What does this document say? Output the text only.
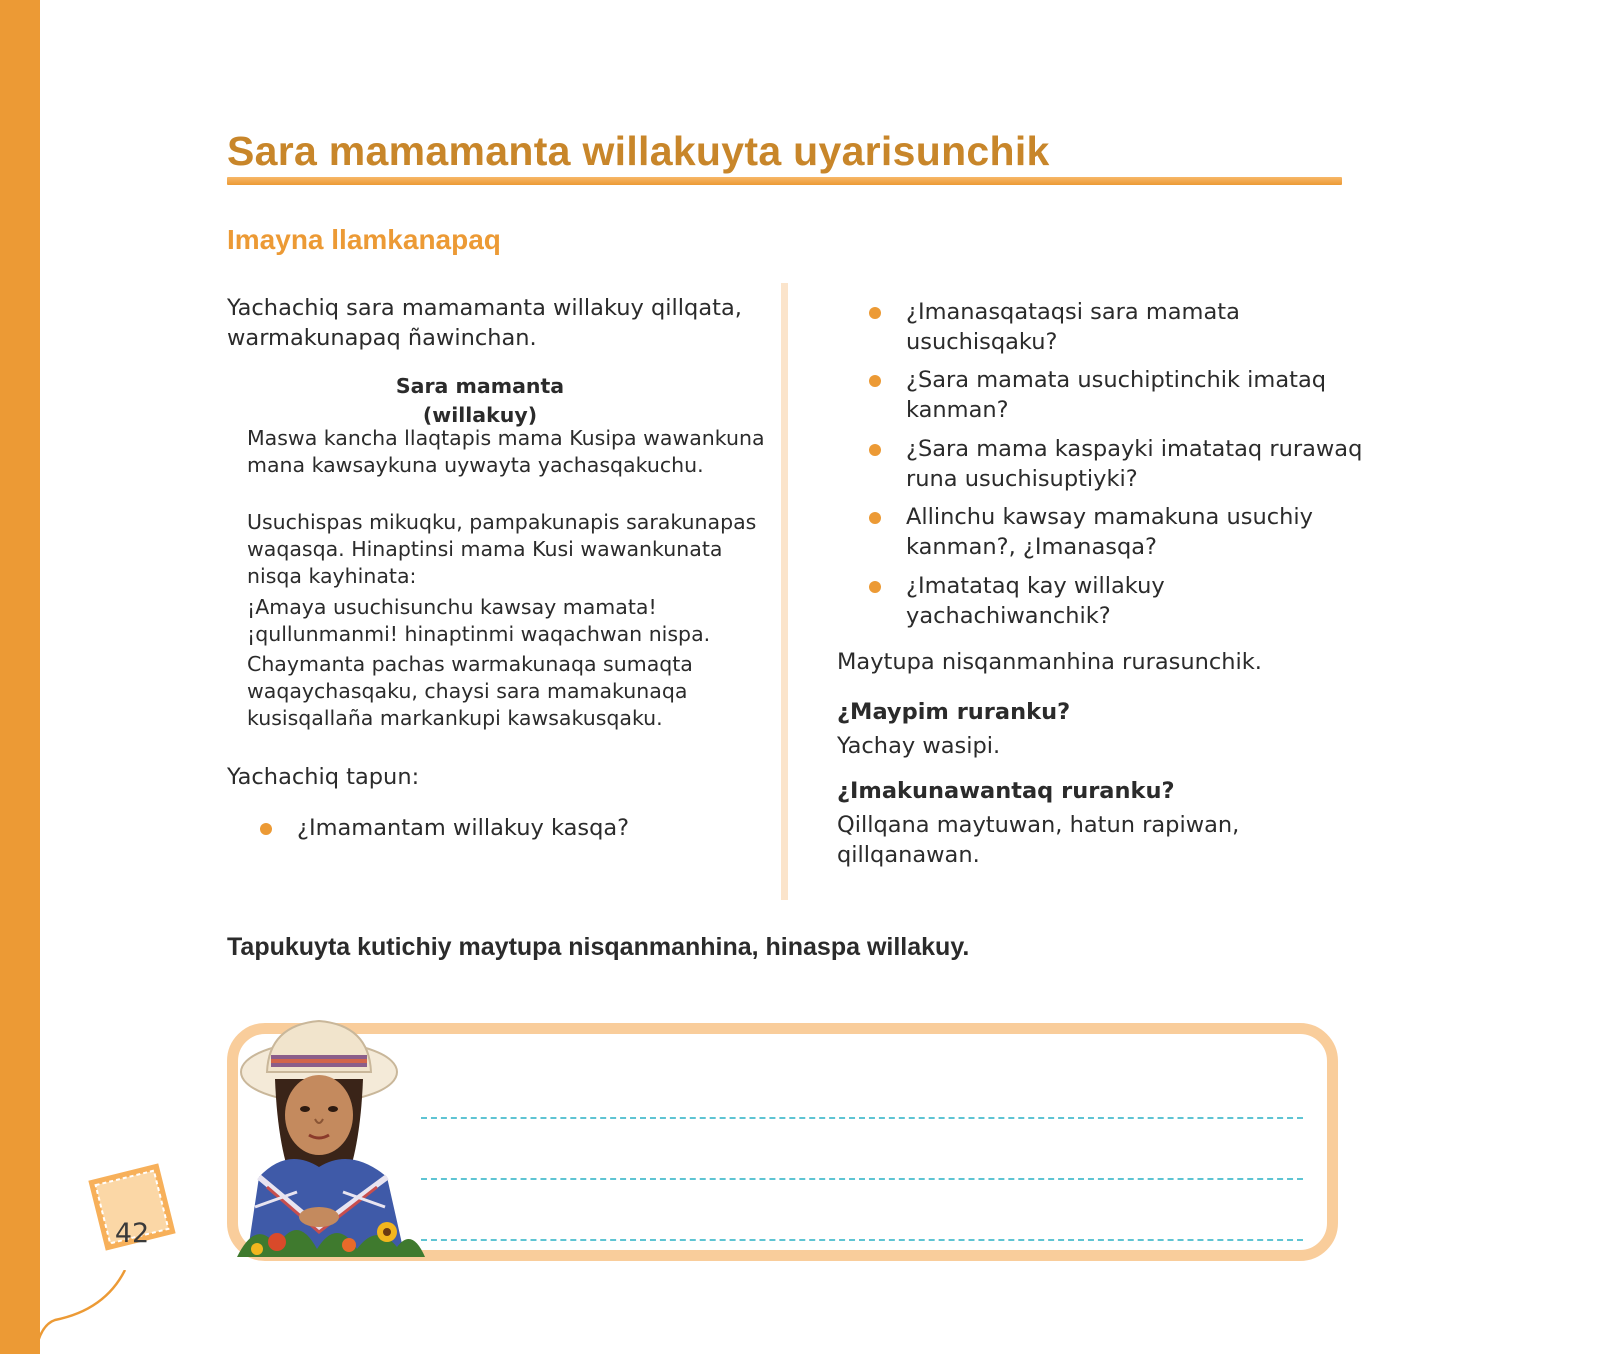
Sara mamamanta willakuyta uyarisunchik
Imayna llamkanapaq

Yachachiq sara mamamanta willakuy qillqata, warmakunapaq ñawinchan.

Sara mamanta
(willakuy)

Maswa kancha llaqtapis mama Kusipa wawankuna mana kawsaykuna uywayta yachasqakuchu.

Usuchispas mikuqku, pampakunapis sarakunapas waqasqa. Hinaptinsi mama Kusi wawankunata nisqa kayhinata:

¡Amaya usuchisunchu kawsay mamata! ¡qullunmanmi! hinaptinmi waqachwan nispa.

Chaymanta pachas warmakunaqa sumaqta waqaychasqaku, chaysi sara mamakunaqa kusisqallaña markankupi kawsakusqaku.

Yachachiq tapun:

¿Imamantam willakuy kasqa?

¿Imanasqataqsi sara mamata usuchisqaku?

¿Sara mamata usuchiptinchik imataq kanman?

¿Sara mama kaspayki imatataq rurawaq runa usuchisuptiyki?

Allinchu kawsay mamakuna usuchiy kanman?, ¿Imanasqa?

¿Imatataq kay willakuy yachachiwanchik?

Maytupa nisqanmanhina rurasunchik.

¿Maypim ruranku?

Yachay wasipi.

¿Imakunawantaq ruranku?

Qillqana maytuwan, hatun rapiwan, qillqanawan.

Tapukuyta kutichiy maytupa nisqanmanhina, hinaspa willakuy.

42
